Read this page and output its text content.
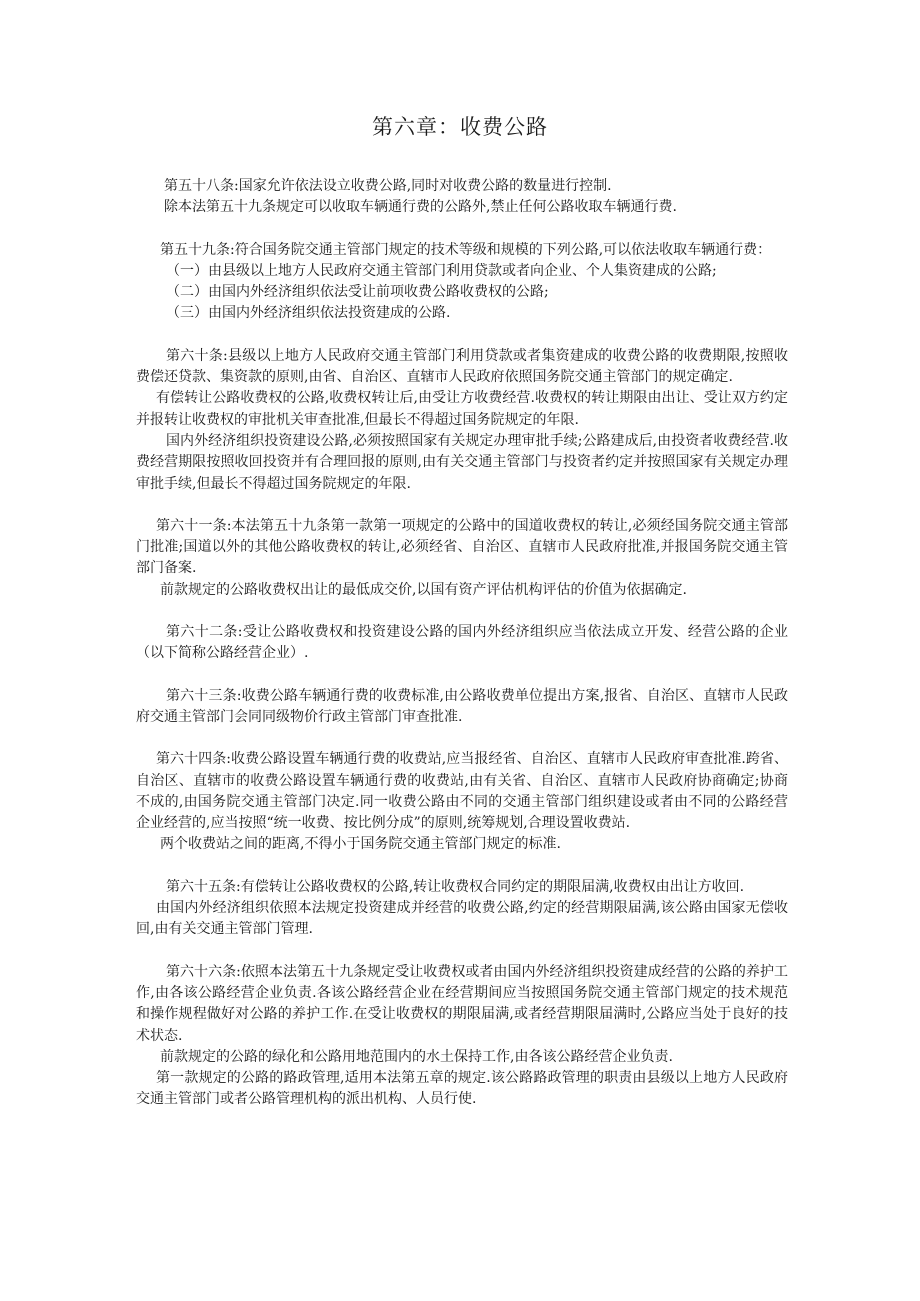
第六章：收费公路

第五十八条:国家允许依法设立收费公路,同时对收费公路的数量进行控制.

除本法第五十九条规定可以收取车辆通行费的公路外,禁止任何公路收取车辆通行费.

第五十九条:符合国务院交通主管部门规定的技术等级和规模的下列公路,可以依法收取车辆通行费：

（一）由县级以上地方人民政府交通主管部门利用贷款或者向企业、个人集资建成的公路;

（二）由国内外经济组织依法受让前项收费公路收费权的公路;

（三）由国内外经济组织依法投资建成的公路.

第六十条:县级以上地方人民政府交通主管部门利用贷款或者集资建成的收费公路的收费期限,按照收费偿还贷款、集资款的原则,由省、自治区、直辖市人民政府依照国务院交通主管部门的规定确定.

有偿转让公路收费权的公路,收费权转让后,由受让方收费经营.收费权的转让期限由出让、受让双方约定并报转让收费权的审批机关审查批准,但最长不得超过国务院规定的年限.

国内外经济组织投资建设公路,必须按照国家有关规定办理审批手续;公路建成后,由投资者收费经营.收费经营期限按照收回投资并有合理回报的原则,由有关交通主管部门与投资者约定并按照国家有关规定办理审批手续,但最长不得超过国务院规定的年限.

第六十一条:本法第五十九条第一款第一项规定的公路中的国道收费权的转让,必须经国务院交通主管部门批准;国道以外的其他公路收费权的转让,必须经省、自治区、直辖市人民政府批准,并报国务院交通主管部门备案.

前款规定的公路收费权出让的最低成交价,以国有资产评估机构评估的价值为依据确定.

第六十二条:受让公路收费权和投资建设公路的国内外经济组织应当依法成立开发、经营公路的企业（以下简称公路经营企业）.

第六十三条:收费公路车辆通行费的收费标准,由公路收费单位提出方案,报省、自治区、直辖市人民政府交通主管部门会同同级物价行政主管部门审查批准.

第六十四条:收费公路设置车辆通行费的收费站,应当报经省、自治区、直辖市人民政府审查批准.跨省、自治区、直辖市的收费公路设置车辆通行费的收费站,由有关省、自治区、直辖市人民政府协商确定;协商不成的,由国务院交通主管部门决定.同一收费公路由不同的交通主管部门组织建设或者由不同的公路经营企业经营的,应当按照“统一收费、按比例分成”的原则,统筹规划,合理设置收费站.

两个收费站之间的距离,不得小于国务院交通主管部门规定的标准.

第六十五条:有偿转让公路收费权的公路,转让收费权合同约定的期限届满,收费权由出让方收回.

由国内外经济组织依照本法规定投资建成并经营的收费公路,约定的经营期限届满,该公路由国家无偿收回,由有关交通主管部门管理.

第六十六条:依照本法第五十九条规定受让收费权或者由国内外经济组织投资建成经营的公路的养护工作,由各该公路经营企业负责.各该公路经营企业在经营期间应当按照国务院交通主管部门规定的技术规范和操作规程做好对公路的养护工作.在受让收费权的期限届满,或者经营期限届满时,公路应当处于良好的技术状态.

前款规定的公路的绿化和公路用地范围内的水土保持工作,由各该公路经营企业负责.

第一款规定的公路的路政管理,适用本法第五章的规定.该公路路政管理的职责由县级以上地方人民政府交通主管部门或者公路管理机构的派出机构、人员行使.
